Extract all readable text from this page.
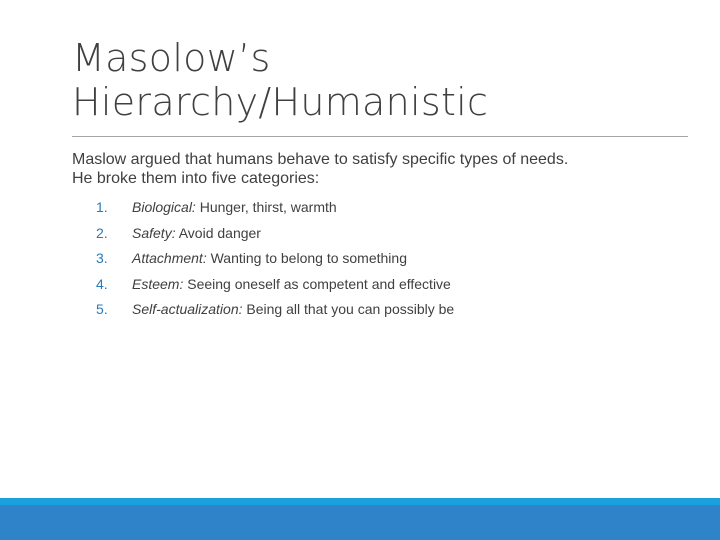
Masolow’s
Hierarchy/Humanistic
Maslow argued that humans behave to satisfy specific types of needs.
He broke them into five categories:
1. Biological: Hunger, thirst, warmth
2. Safety: Avoid danger
3. Attachment: Wanting to belong to something
4. Esteem: Seeing oneself as competent and effective
5. Self-actualization: Being all that you can possibly be
